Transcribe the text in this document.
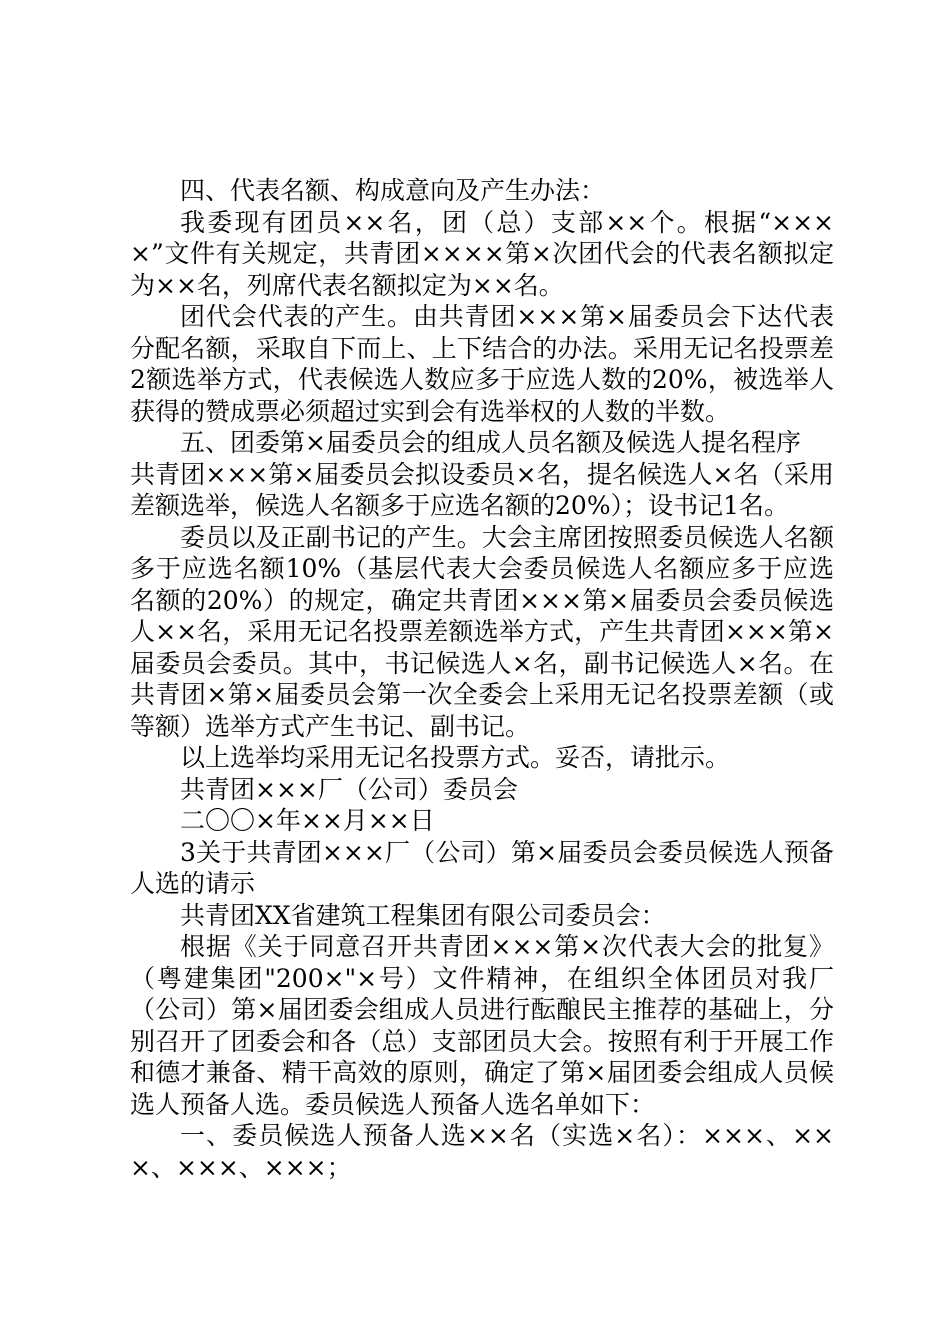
四、代表名额、构成意向及产生办法：

我委现有团员××名，团（总）支部××个。根据“××××”文件有关规定，共青团××××第×次团代会的代表名额拟定为××名，列席代表名额拟定为××名。

团代会代表的产生。由共青团×××第×届委员会下达代表分配名额，采取自下而上、上下结合的办法。采用无记名投票差2额选举方式，代表候选人数应多于应选人数的20%，被选举人获得的赞成票必须超过实到会有选举权的人数的半数。

五、团委第×届委员会的组成人员名额及候选人提名程序

共青团×××第×届委员会拟设委员×名，提名候选人×名（采用差额选举，候选人名额多于应选名额的20%）；设书记1名。

委员以及正副书记的产生。大会主席团按照委员候选人名额多于应选名额10%（基层代表大会委员候选人名额应多于应选名额的20%）的规定，确定共青团×××第×届委员会委员候选人××名，采用无记名投票差额选举方式，产生共青团×××第×届委员会委员。其中，书记候选人×名，副书记候选人×名。在共青团×第×届委员会第一次全委会上采用无记名投票差额（或等额）选举方式产生书记、副书记。

以上选举均采用无记名投票方式。妥否，请批示。

共青团×××厂（公司）委员会

二〇〇×年××月××日

3关于共青团×××厂（公司）第×届委员会委员候选人预备人选的请示

共青团XX省建筑工程集团有限公司委员会：

根据《关于同意召开共青团×××第×次代表大会的批复》（粤建集团"200×"×号）文件精神，在组织全体团员对我厂（公司）第×届团委会组成人员进行酝酿民主推荐的基础上，分别召开了团委会和各（总）支部团员大会。按照有利于开展工作和德才兼备、精干高效的原则，确定了第×届团委会组成人员候选人预备人选。委员候选人预备人选名单如下：

一、委员候选人预备人选××名（实选×名）：×××、×××、×××、×××；
